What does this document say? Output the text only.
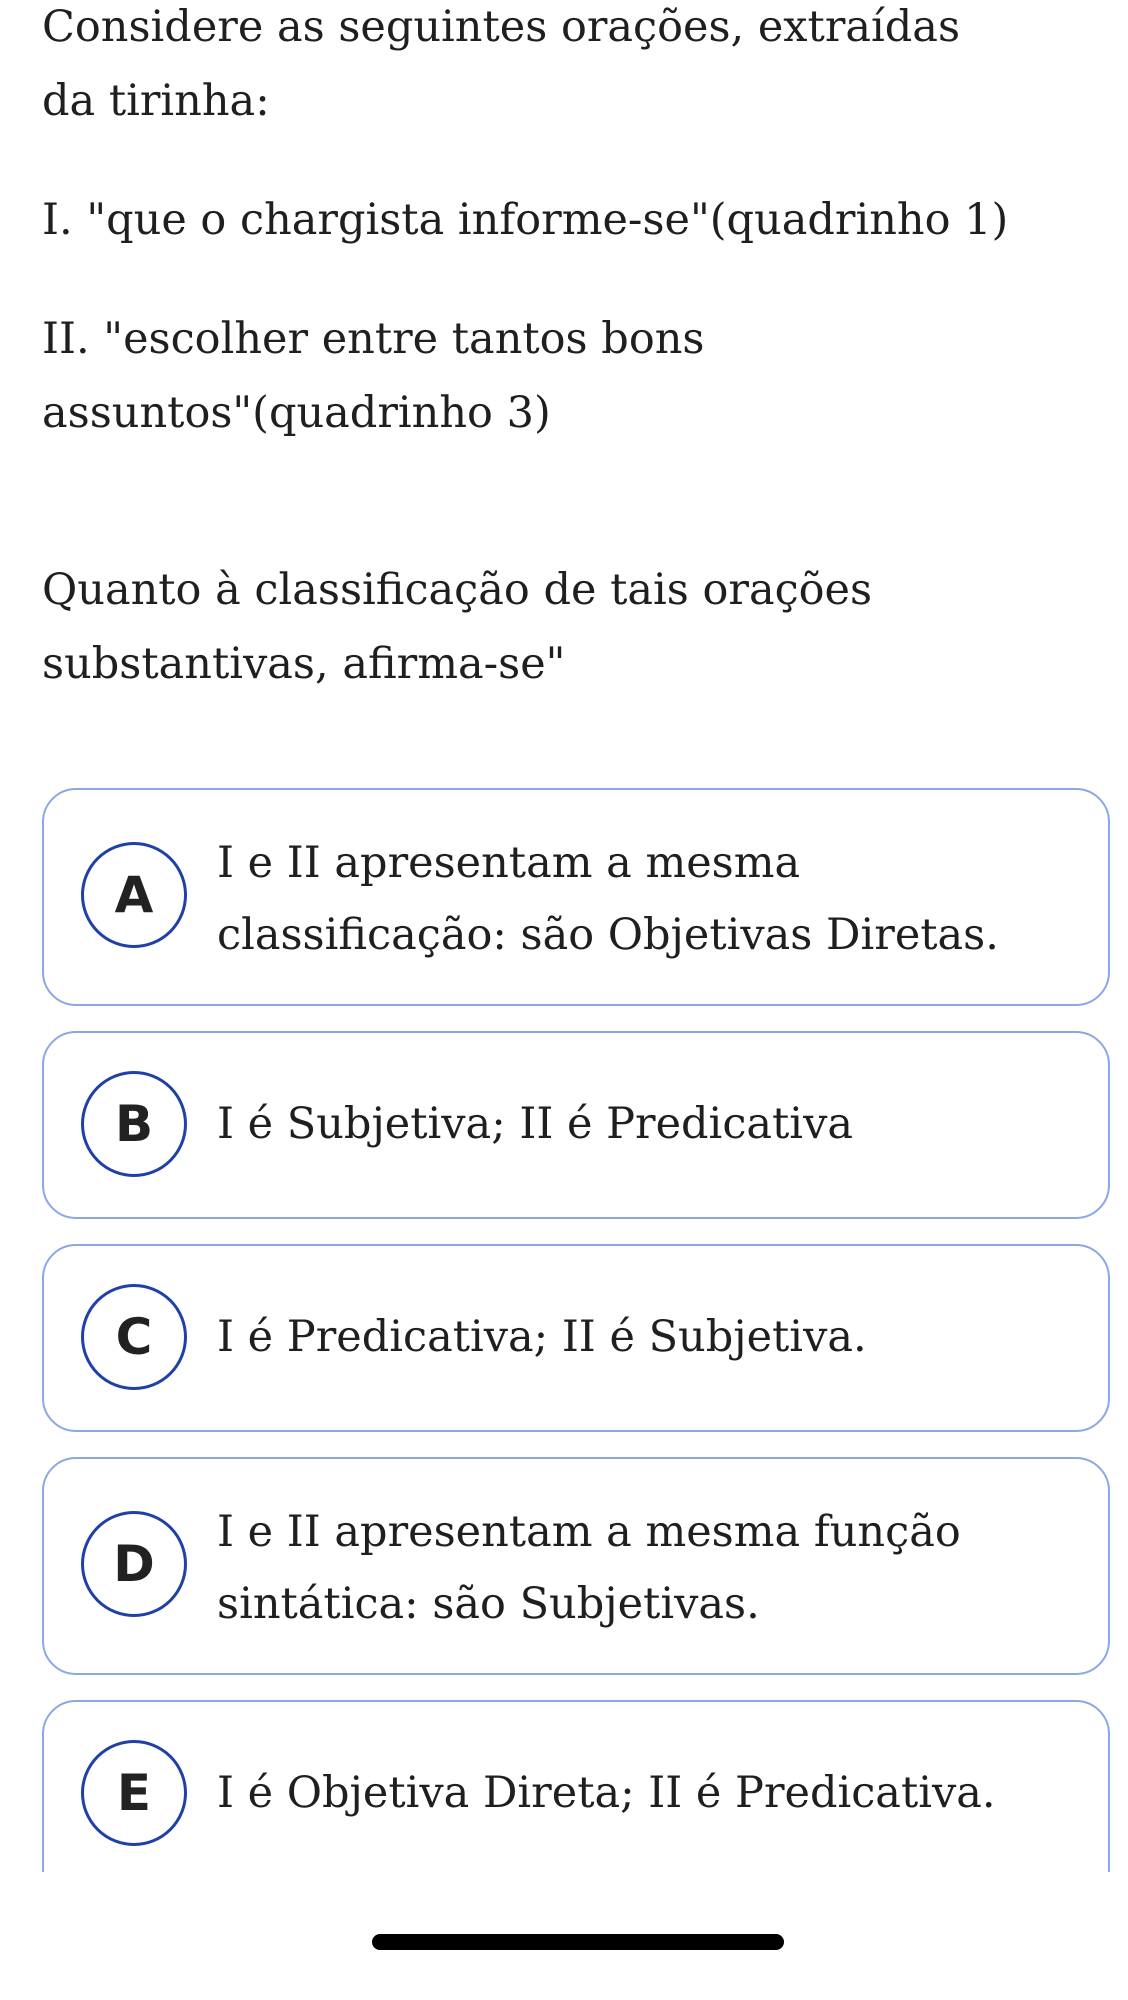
Considere as seguintes orações, extraídas da tirinha:

I. "que o chargista informe-se"(quadrinho 1)

II. "escolher entre tantos bons assuntos"(quadrinho 3)

Quanto à classificação de tais orações substantivas, afirma-se"

A
I e II apresentam a mesma classificação: são Objetivas Diretas.
B	I é Subjetiva; II é Predicativa
C	I é Predicativa; II é Subjetiva.
D
I e II apresentam a mesma função sintática: são Subjetivas.
E	I é Objetiva Direta; II é Predicativa.
